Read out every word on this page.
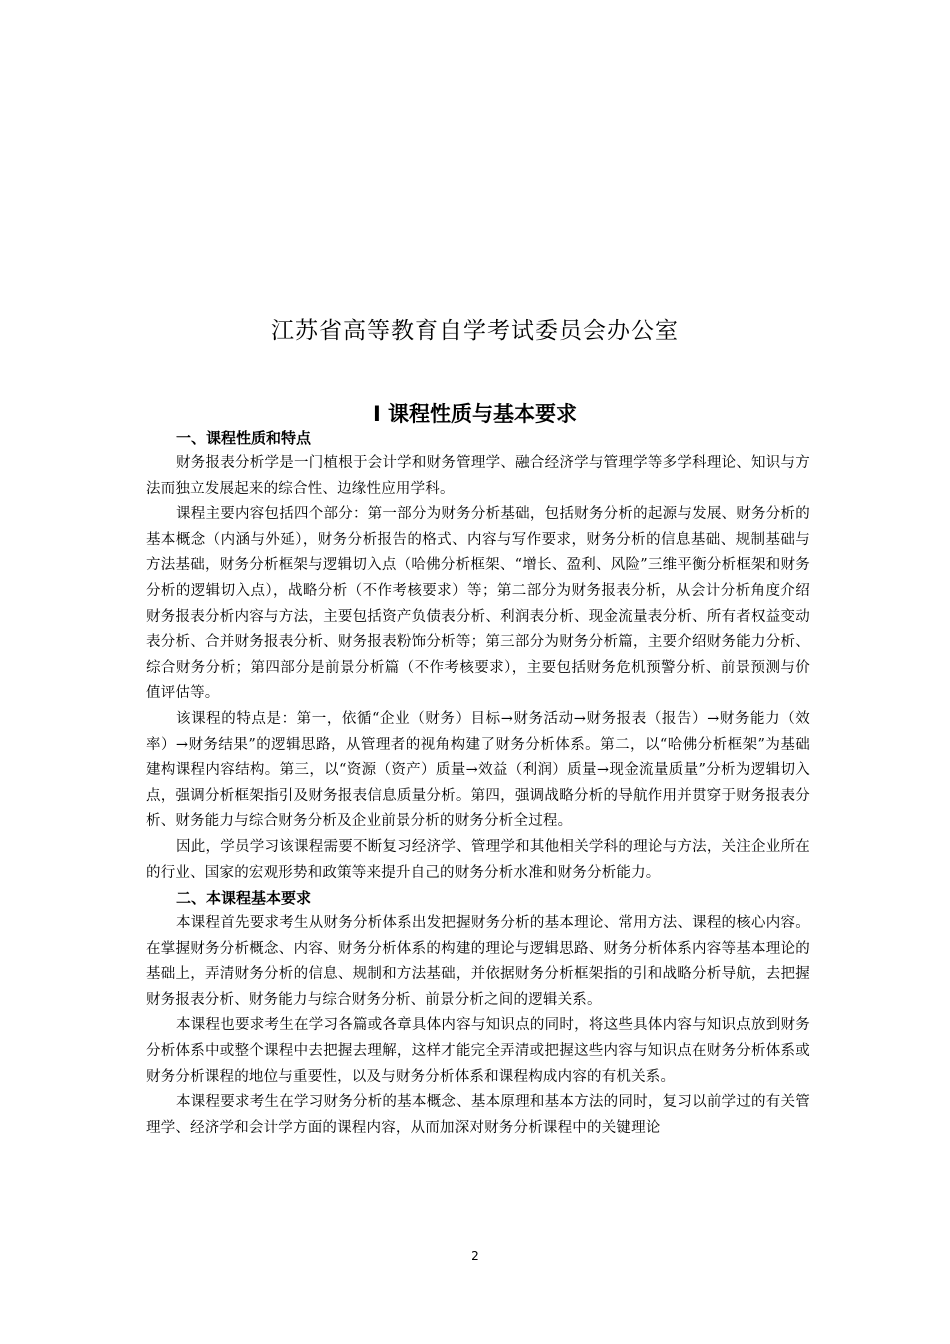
江苏省高等教育自学考试委员会办公室
Ⅰ 课程性质与基本要求

一、课程性质和特点

财务报表分析学是一门植根于会计学和财务管理学、融合经济学与管理学等多学科理论、知识与方法而独立发展起来的综合性、边缘性应用学科。

课程主要内容包括四个部分：第一部分为财务分析基础，包括财务分析的起源与发展、财务分析的基本概念（内涵与外延），财务分析报告的格式、内容与写作要求，财务分析的信息基础、规制基础与方法基础，财务分析框架与逻辑切入点（哈佛分析框架、“增长、盈利、风险”三维平衡分析框架和财务分析的逻辑切入点），战略分析（不作考核要求）等；第二部分为财务报表分析，从会计分析角度介绍财务报表分析内容与方法，主要包括资产负债表分析、利润表分析、现金流量表分析、所有者权益变动表分析、合并财务报表分析、财务报表粉饰分析等；第三部分为财务分析篇，主要介绍财务能力分析、综合财务分析；第四部分是前景分析篇（不作考核要求），主要包括财务危机预警分析、前景预测与价值评估等。

该课程的特点是：第一，依循“企业（财务）目标→财务活动→财务报表（报告）→财务能力（效率）→财务结果”的逻辑思路，从管理者的视角构建了财务分析体系。第二，以“哈佛分析框架”为基础建构课程内容结构。第三，以“资源（资产）质量→效益（利润）质量→现金流量质量”分析为逻辑切入点，强调分析框架指引及财务报表信息质量分析。第四，强调战略分析的导航作用并贯穿于财务报表分析、财务能力与综合财务分析及企业前景分析的财务分析全过程。

因此，学员学习该课程需要不断复习经济学、管理学和其他相关学科的理论与方法，关注企业所在的行业、国家的宏观形势和政策等来提升自己的财务分析水准和财务分析能力。

二、本课程基本要求

本课程首先要求考生从财务分析体系出发把握财务分析的基本理论、常用方法、课程的核心内容。在掌握财务分析概念、内容、财务分析体系的构建的理论与逻辑思路、财务分析体系内容等基本理论的基础上，弄清财务分析的信息、规制和方法基础，并依据财务分析框架指的引和战略分析导航，去把握财务报表分析、财务能力与综合财务分析、前景分析之间的逻辑关系。

本课程也要求考生在学习各篇或各章具体内容与知识点的同时，将这些具体内容与知识点放到财务分析体系中或整个课程中去把握去理解，这样才能完全弄清或把握这些内容与知识点在财务分析体系或财务分析课程的地位与重要性，以及与财务分析体系和课程构成内容的有机关系。

本课程要求考生在学习财务分析的基本概念、基本原理和基本方法的同时，复习以前学过的有关管理学、经济学和会计学方面的课程内容，从而加深对财务分析课程中的关键理论

2
